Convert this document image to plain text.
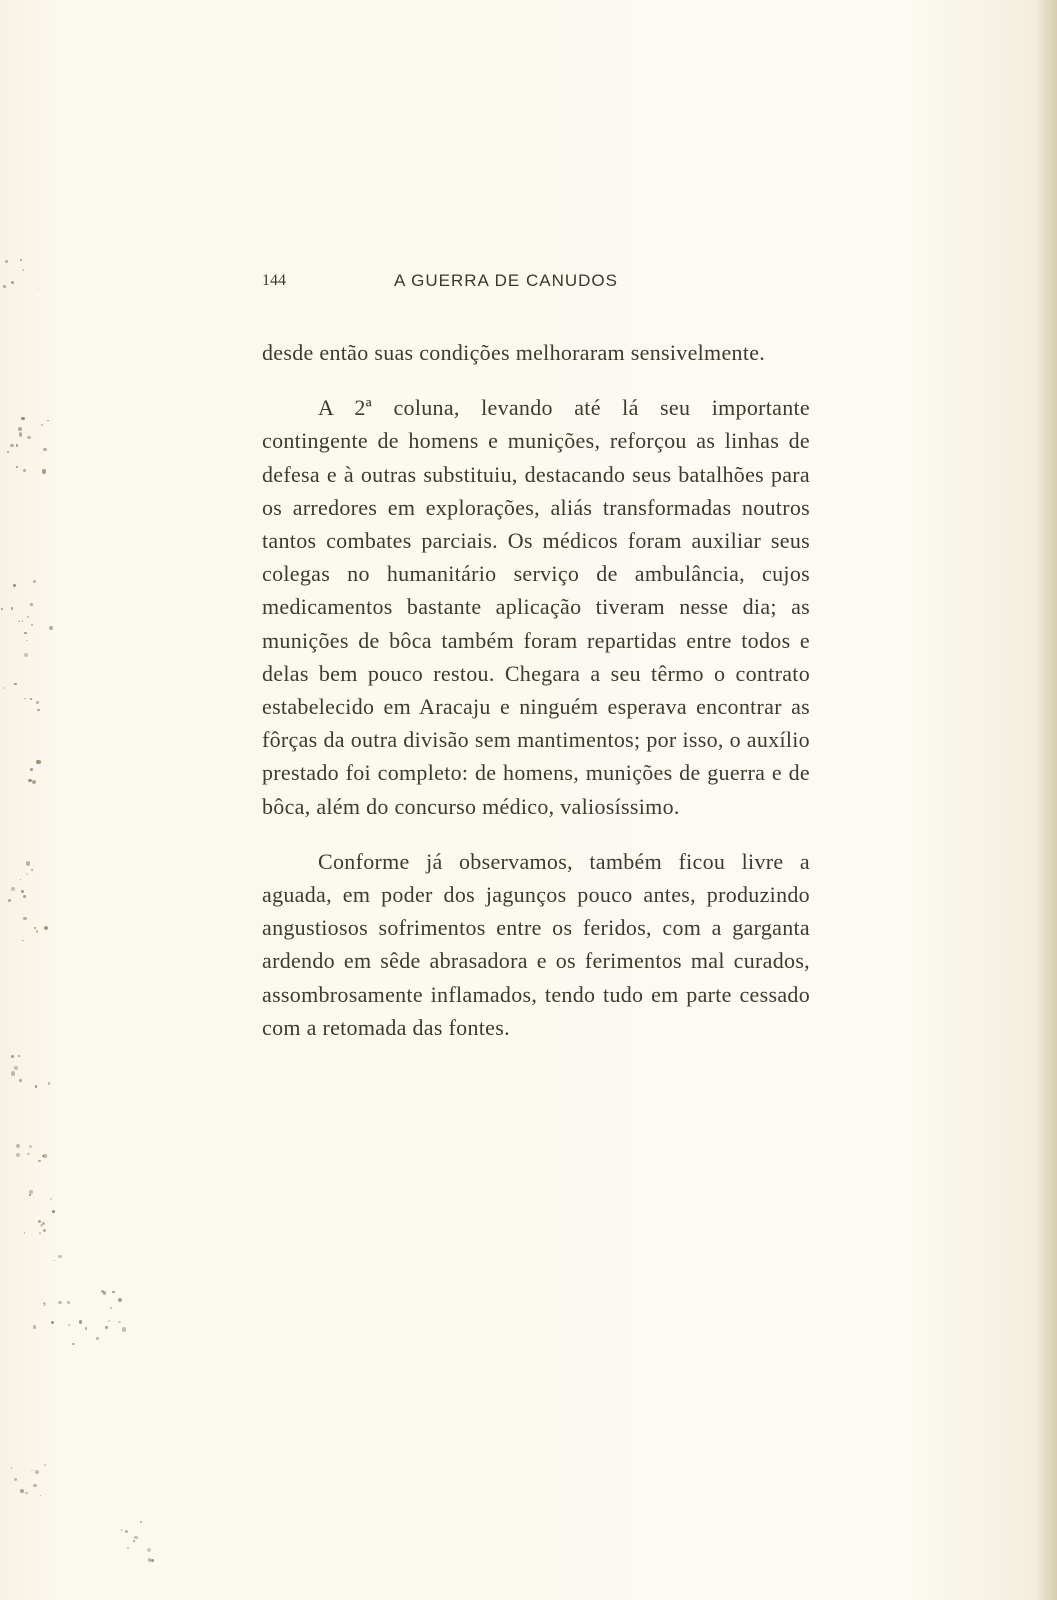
144	A GUERRA DE CANUDOS

desde então suas condições melhoraram sensivelmente.

A 2ª coluna, levando até lá seu importante contingente de homens e munições, reforçou as linhas de defesa e à outras substituiu, destacando seus batalhões para os arredores em explorações, aliás transformadas noutros tantos combates parciais. Os médicos foram auxiliar seus colegas no humanitário serviço de ambulância, cujos medicamentos bastante aplicação tiveram nesse dia; as munições de bôca também foram repartidas entre todos e delas bem pouco restou. Chegara a seu têrmo o contrato estabelecido em Aracaju e ninguém esperava encontrar as fôrças da outra divisão sem mantimentos; por isso, o auxílio prestado foi completo: de homens, munições de guerra e de bôca, além do concurso médico, valiosíssimo.

Conforme já observamos, também ficou livre a aguada, em poder dos jagunços pouco antes, produzindo angustiosos sofrimentos entre os feridos, com a garganta ardendo em sêde abrasadora e os ferimentos mal curados, assombrosamente inflamados, tendo tudo em parte cessado com a retomada das fontes.
